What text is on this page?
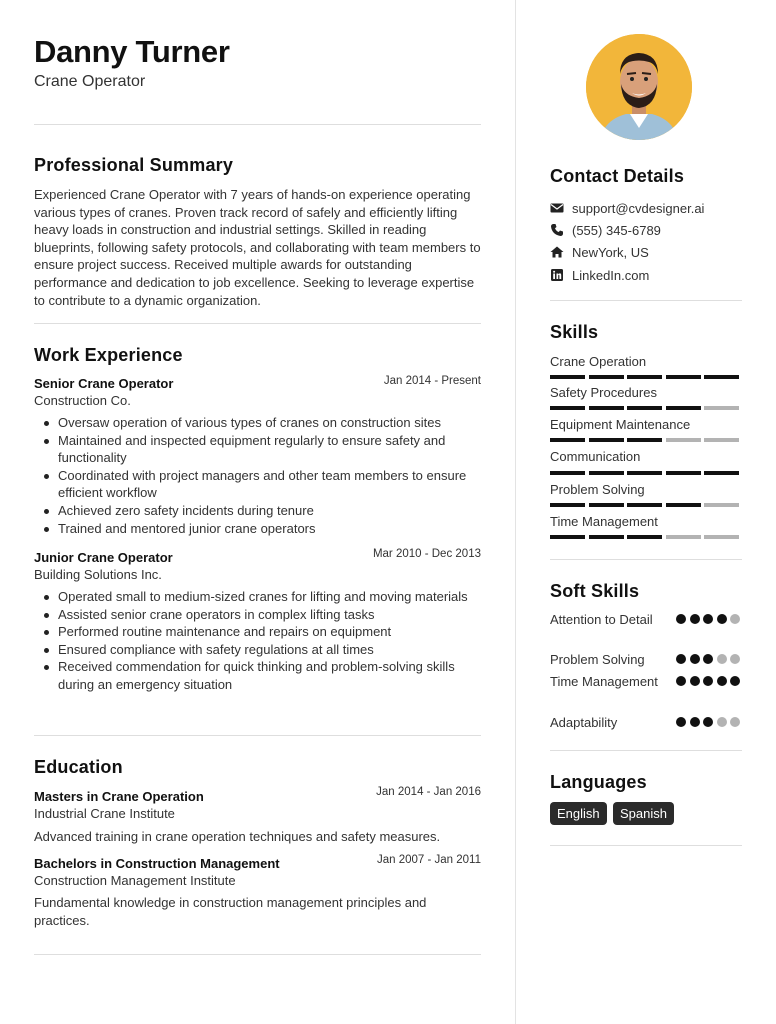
Danny Turner
Crane Operator
Professional Summary
Experienced Crane Operator with 7 years of hands-on experience operating various types of cranes. Proven track record of safely and efficiently lifting heavy loads in construction and industrial settings. Skilled in reading blueprints, following safety protocols, and collaborating with team members to ensure project success. Received multiple awards for outstanding performance and dedication to job excellence. Seeking to leverage expertise to contribute to a dynamic organization.
Work Experience
Senior Crane Operator	Jan 2014 - Present
Construction Co.
Oversaw operation of various types of cranes on construction sites
Maintained and inspected equipment regularly to ensure safety and functionality
Coordinated with project managers and other team members to ensure efficient workflow
Achieved zero safety incidents during tenure
Trained and mentored junior crane operators
Junior Crane Operator	Mar 2010 - Dec 2013
Building Solutions Inc.
Operated small to medium-sized cranes for lifting and moving materials
Assisted senior crane operators in complex lifting tasks
Performed routine maintenance and repairs on equipment
Ensured compliance with safety regulations at all times
Received commendation for quick thinking and problem-solving skills during an emergency situation
Education
Masters in Crane Operation	Jan 2014 - Jan 2016
Industrial Crane Institute
Advanced training in crane operation techniques and safety measures.
Bachelors in Construction Management	Jan 2007 - Jan 2011
Construction Management Institute
Fundamental knowledge in construction management principles and practices.
Contact Details
support@cvdesigner.ai
(555) 345-6789
NewYork, US
LinkedIn.com
Skills
Crane Operation
Safety Procedures
Equipment Maintenance
Communication
Problem Solving
Time Management
Soft Skills
Attention to Detail
Problem Solving
Time Management
Adaptability
Languages
English	Spanish
